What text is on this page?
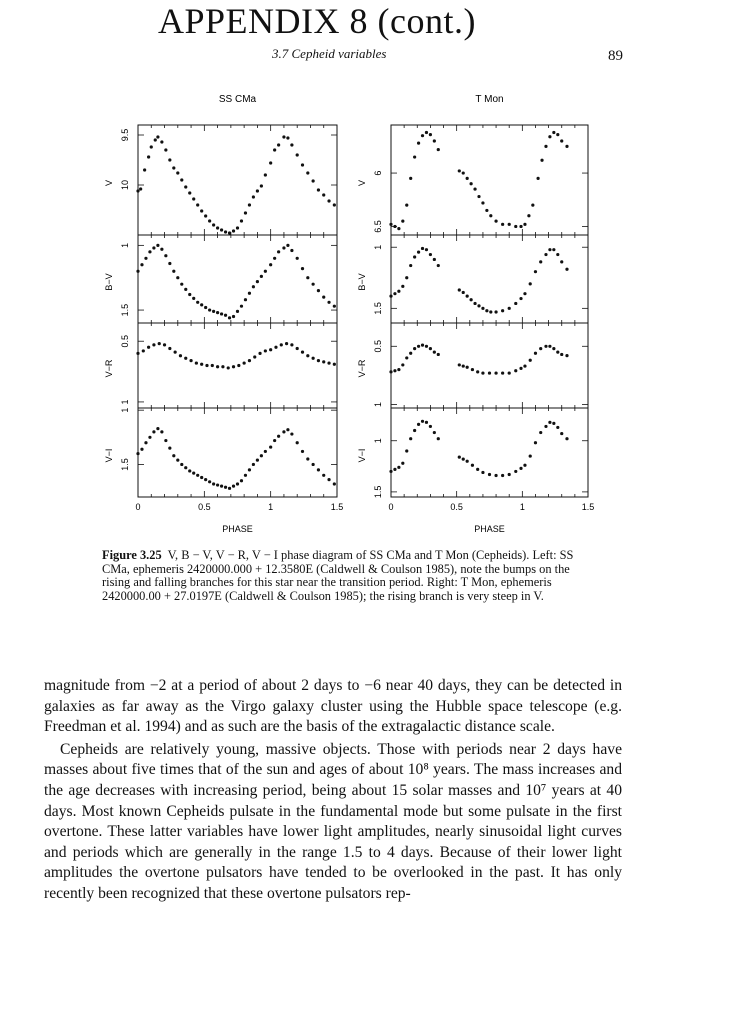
APPENDIX 8 (cont.)
3.7 Cepheid variables	89
SS CMa
9.5
10
V
1
1.5
B−V
0.5
1
V−R
1
1.5
V−I
0	0.5	1	1.5
PHASE
T Mon
6
6.5
V
1
1.5
B−V
0.5
1
V−R
1
1.5
V−I
0	0.5	1	1.5
PHASE
Figure 3.25 V, B − V, V − R, V − I phase diagram of SS CMa and T Mon (Cepheids). Left: SS CMa, ephemeris 2420000.000 + 12.3580E (Caldwell & Coulson 1985), note the bumps on the rising and falling branches for this star near the transition period. Right: T Mon, ephemeris 2420000.00 + 27.0197E (Caldwell & Coulson 1985); the rising branch is very steep in V.

magnitude from −2 at a period of about 2 days to −6 near 40 days, they can be detected in galaxies as far away as the Virgo galaxy cluster using the Hubble space telescope (e.g. Freedman et al. 1994) and as such are the basis of the extragalactic distance scale.

Cepheids are relatively young, massive objects. Those with periods near 2 days have masses about five times that of the sun and ages of about 10⁸ years. The mass increases and the age decreases with increasing period, being about 15 solar masses and 10⁷ years at 40 days. Most known Cepheids pulsate in the fundamental mode but some pulsate in the first overtone. These latter variables have lower light amplitudes, nearly sinusoidal light curves and periods which are generally in the range 1.5 to 4 days. Because of their lower light amplitudes the overtone pulsators have tended to be overlooked in the past. It has only recently been recognized that these overtone pulsators rep-
